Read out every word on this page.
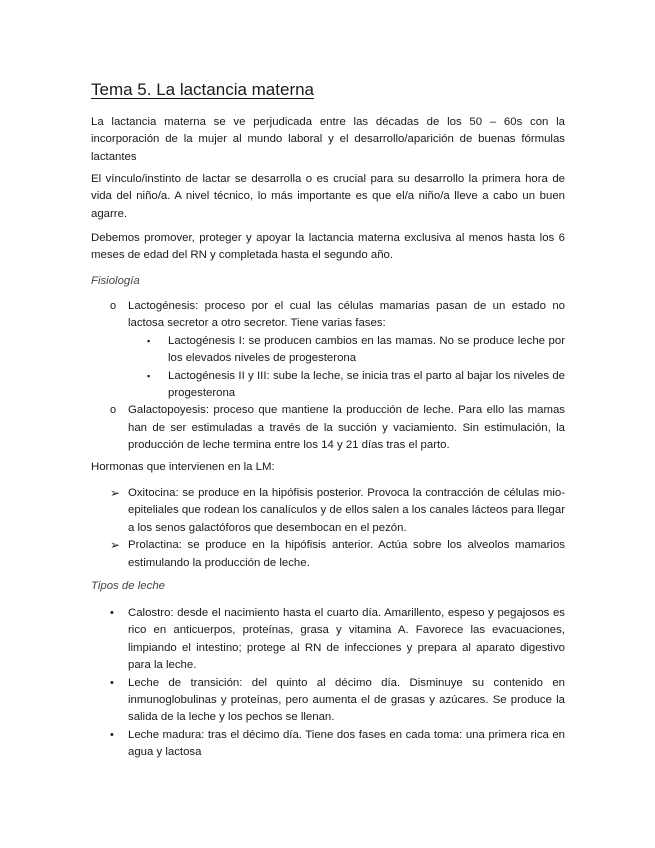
Tema 5. La lactancia materna

La lactancia materna se ve perjudicada entre las décadas de los 50 – 60s con la incorporación de la mujer al mundo laboral y el desarrollo/aparición de buenas fórmulas lactantes

El vínculo/instinto de lactar se desarrolla o es crucial para su desarrollo la primera hora de vida del niño/a. A nivel técnico, lo más importante es que el/a niño/a lleve a cabo un buen agarre.

Debemos promover, proteger y apoyar la lactancia materna exclusiva al menos hasta los 6 meses de edad del RN y completada hasta el segundo año.

Fisiología

o Lactogénesis: proceso por el cual las células mamarias pasan de un estado no lactosa secretor a otro secretor. Tiene varias fases:
▪ Lactogénesis I: se producen cambios en las mamas. No se produce leche por los elevados niveles de progesterona
▪ Lactogénesis II y III: sube la leche, se inicia tras el parto al bajar los niveles de progesterona
o Galactopoyesis: proceso que mantiene la producción de leche. Para ello las mamas han de ser estimuladas a través de la succión y vaciamiento. Sin estimulación, la producción de leche termina entre los 14 y 21 días tras el parto.

Hormonas que intervienen en la LM:

➢ Oxitocina: se produce en la hipófisis posterior. Provoca la contracción de células mio-epiteliales que rodean los canalículos y de ellos salen a los canales lácteos para llegar a los senos galactóforos que desembocan en el pezón.
➢ Prolactina: se produce en la hipófisis anterior. Actúa sobre los alveolos mamarios estimulando la producción de leche.

Tipos de leche

• Calostro: desde el nacimiento hasta el cuarto día. Amarillento, espeso y pegajosos es rico en anticuerpos, proteínas, grasa y vitamina A. Favorece las evacuaciones, limpiando el intestino; protege al RN de infecciones y prepara al aparato digestivo para la leche.
• Leche de transición: del quinto al décimo día. Disminuye su contenido en inmunoglobulinas y proteínas, pero aumenta el de grasas y azúcares. Se produce la salida de la leche y los pechos se llenan.
• Leche madura: tras el décimo día. Tiene dos fases en cada toma: una primera rica en agua y lactosa
